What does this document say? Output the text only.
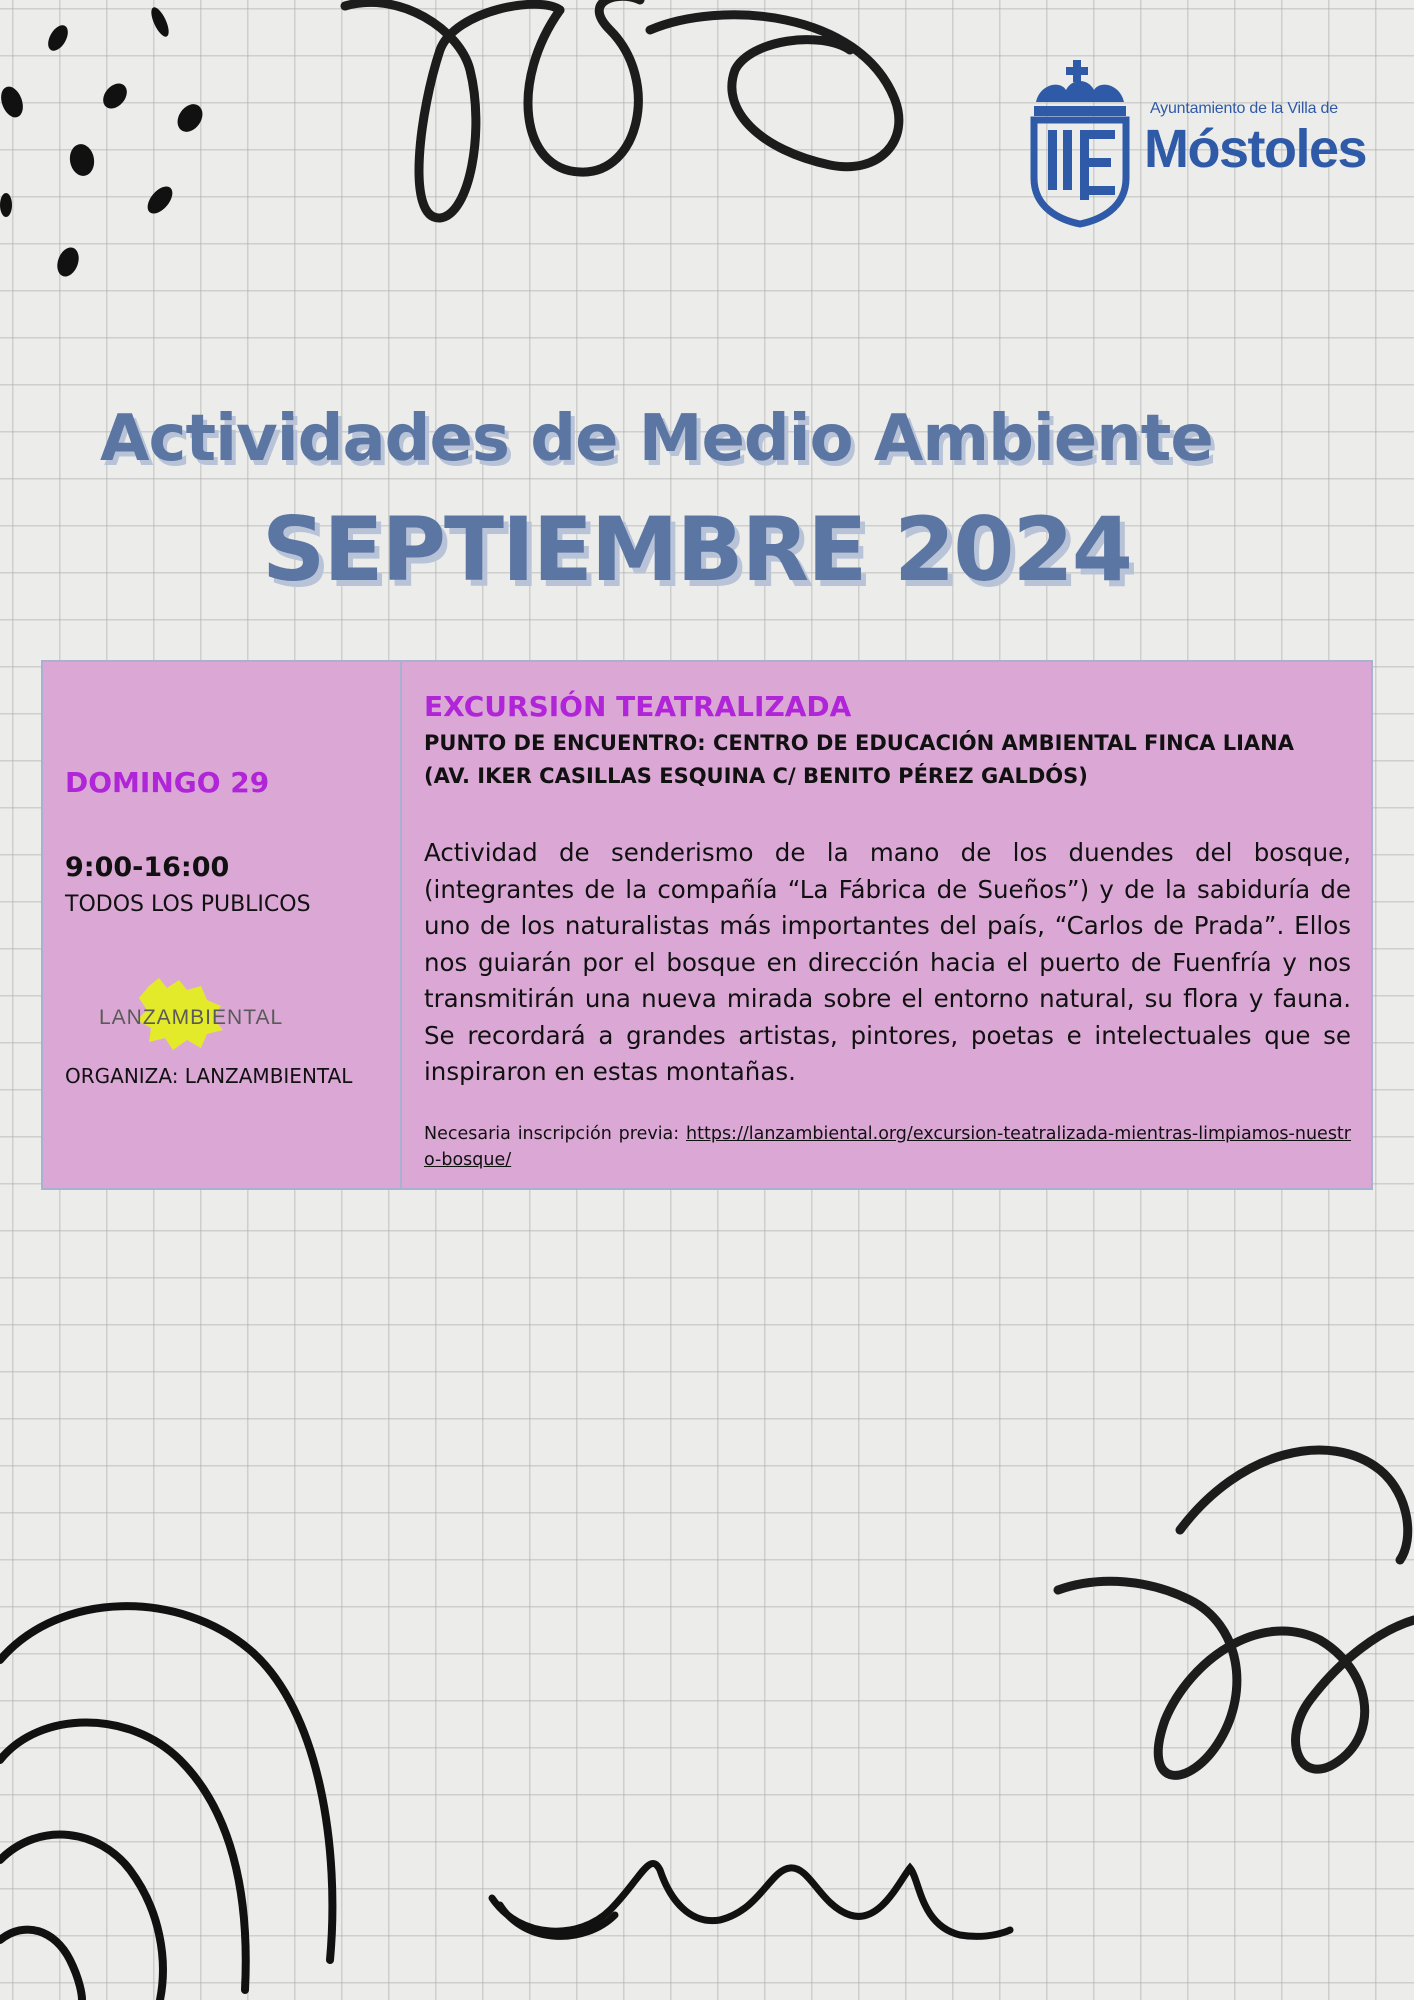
Ayuntamiento de la Villa de
Móstoles
Actividades de Medio Ambiente
SEPTIEMBRE 2024
DOMINGO 29
9:00-16:00
TODOS LOS PUBLICOS
LANZAMBIENTAL
ORGANIZA: LANZAMBIENTAL
EXCURSIÓN TEATRALIZADA
PUNTO DE ENCUENTRO: CENTRO DE EDUCACIÓN AMBIENTAL FINCA LIANA
(AV. IKER CASILLAS ESQUINA C/ BENITO PÉREZ GALDÓS)
Actividad de senderismo de la mano de los duendes del bosque, (integrantes de la compañía “La Fábrica de Sueños”) y de la sabiduría de uno de los naturalistas más importantes del país, “Carlos de Prada”. Ellos nos guiarán por el bosque en dirección hacia el puerto de Fuenfría y nos transmitirán una nueva mirada sobre el entorno natural, su flora y fauna. Se recordará a grandes artistas, pintores, poetas e intelectuales que se inspiraron en estas montañas.
Necesaria inscripción previa: https://lanzambiental.org/excursion-teatralizada-mientras-limpiamos-nuestro-bosque/
